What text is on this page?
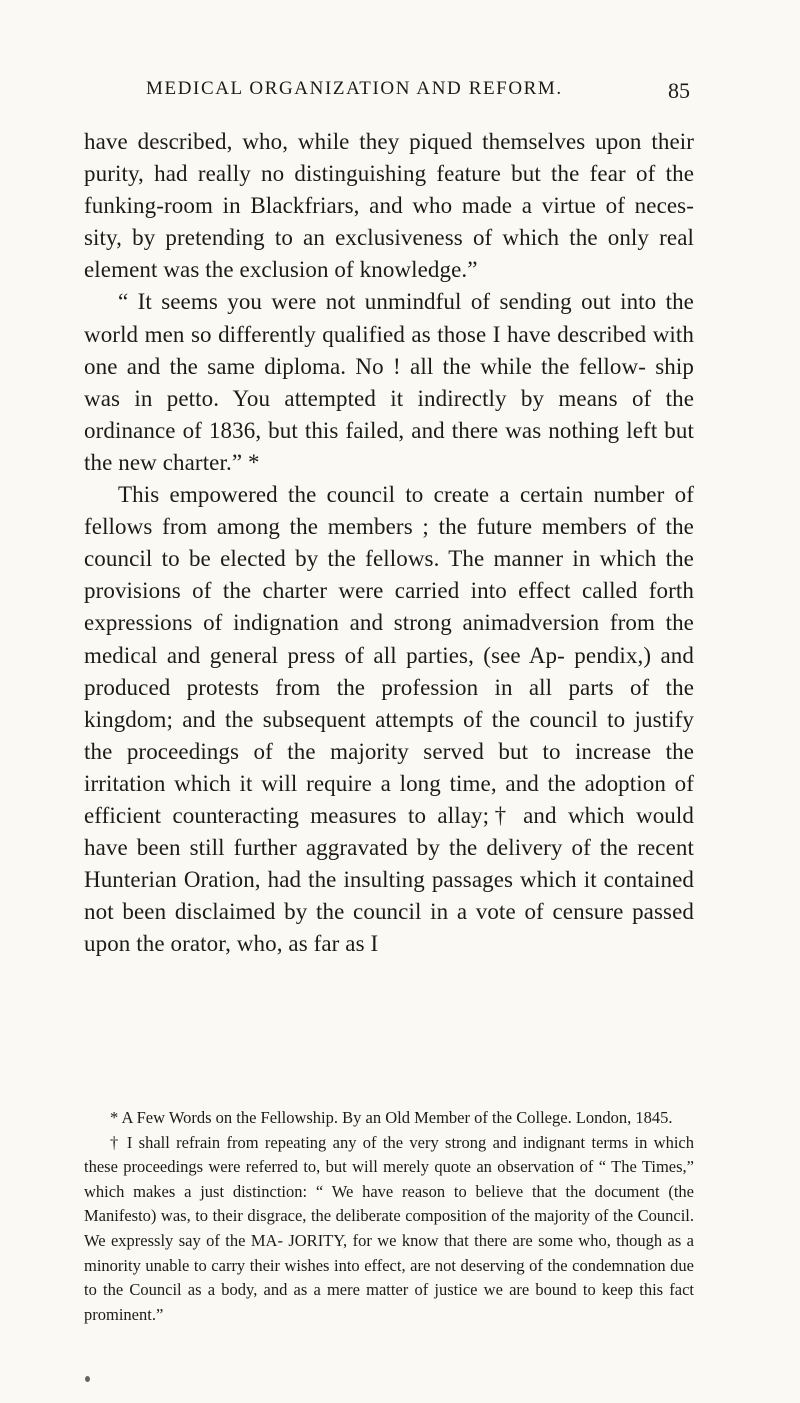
MEDICAL ORGANIZATION AND REFORM.	85

have described, who, while they piqued themselves upon their purity, had really no distinguishing feature but the fear of the funking-room in Blackfriars, and who made a virtue of neces- sity, by pretending to an exclusiveness of which the only real element was the exclusion of knowledge.”

“ It seems you were not unmindful of sending out into the world men so differently qualified as those I have described with one and the same diploma. No ! all the while the fellow- ship was in petto. You attempted it indirectly by means of the ordinance of 1836, but this failed, and there was nothing left but the new charter.” *

This empowered the council to create a certain number of fellows from among the members ; the future members of the council to be elected by the fellows. The manner in which the provisions of the charter were carried into effect called forth expressions of indignation and strong animadversion from the medical and general press of all parties, (see Ap- pendix,) and produced protests from the profession in all parts of the kingdom; and the subsequent attempts of the council to justify the proceedings of the majority served but to increase the irritation which it will require a long time, and the adoption of efficient counteracting measures to allay;† and which would have been still further aggravated by the delivery of the recent Hunterian Oration, had the insulting passages which it contained not been disclaimed by the council in a vote of censure passed upon the orator, who, as far as I

* A Few Words on the Fellowship. By an Old Member of the College. London, 1845.

† I shall refrain from repeating any of the very strong and indignant terms in which these proceedings were referred to, but will merely quote an observation of “ The Times,” which makes a just distinction: “ We have reason to believe that the document (the Manifesto) was, to their disgrace, the deliberate composition of the majority of the Council. We expressly say of the MA- JORITY, for we know that there are some who, though as a minority unable to carry their wishes into effect, are not deserving of the condemnation due to the Council as a body, and as a mere matter of justice we are bound to keep this fact prominent.”
